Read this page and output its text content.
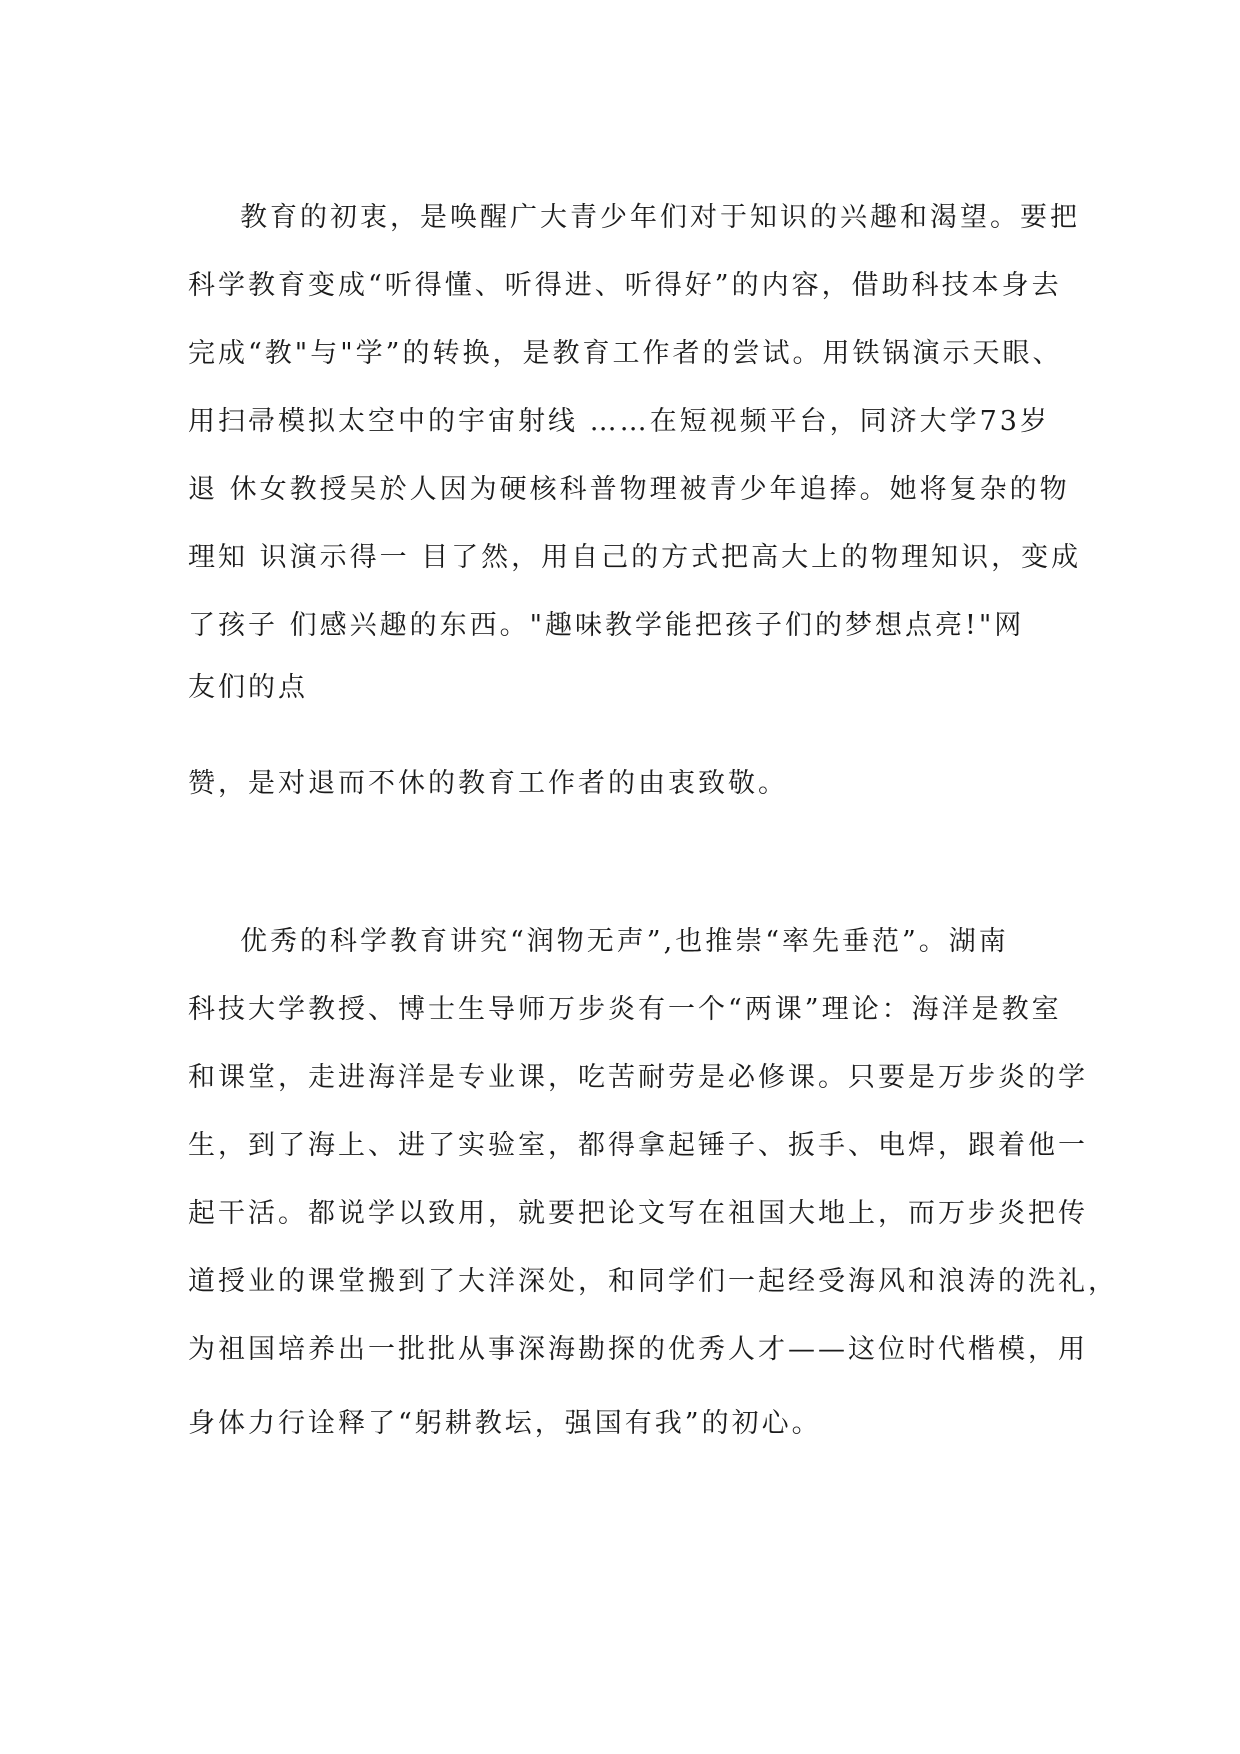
教育的初衷，是唤醒广大青少年们对于知识的兴趣和渴望。要把
科学教育变成“听得懂、听得进、听得好”的内容，借助科技本身去
完成“教"与"学”的转换，是教育工作者的尝试。用铁锅演示天眼、
用扫帚模拟太空中的宇宙射线 ……在短视频平台，同济大学73岁
退 休女教授吴於人因为硬核科普物理被青少年追捧。她将复杂的物
理知 识演示得一 目了然，用自己的方式把高大上的物理知识，变成
了孩子 们感兴趣的东西。"趣味教学能把孩子们的梦想点亮!"网
友们的点
赞，是对退而不休的教育工作者的由衷致敬。
优秀的科学教育讲究“润物无声”,也推崇“率先垂范”。湖南
科技大学教授、博士生导师万步炎有一个“两课”理论：海洋是教室
和课堂，走进海洋是专业课，吃苦耐劳是必修课。只要是万步炎的学
生，到了海上、进了实验室，都得拿起锤子、扳手、电焊，跟着他一
起干活。都说学以致用，就要把论文写在祖国大地上，而万步炎把传
道授业的课堂搬到了大洋深处，和同学们一起经受海风和浪涛的洗礼，
为祖国培养出一批批从事深海勘探的优秀人才——这位时代楷模，用
身体力行诠释了“躬耕教坛，强国有我”的初心。
